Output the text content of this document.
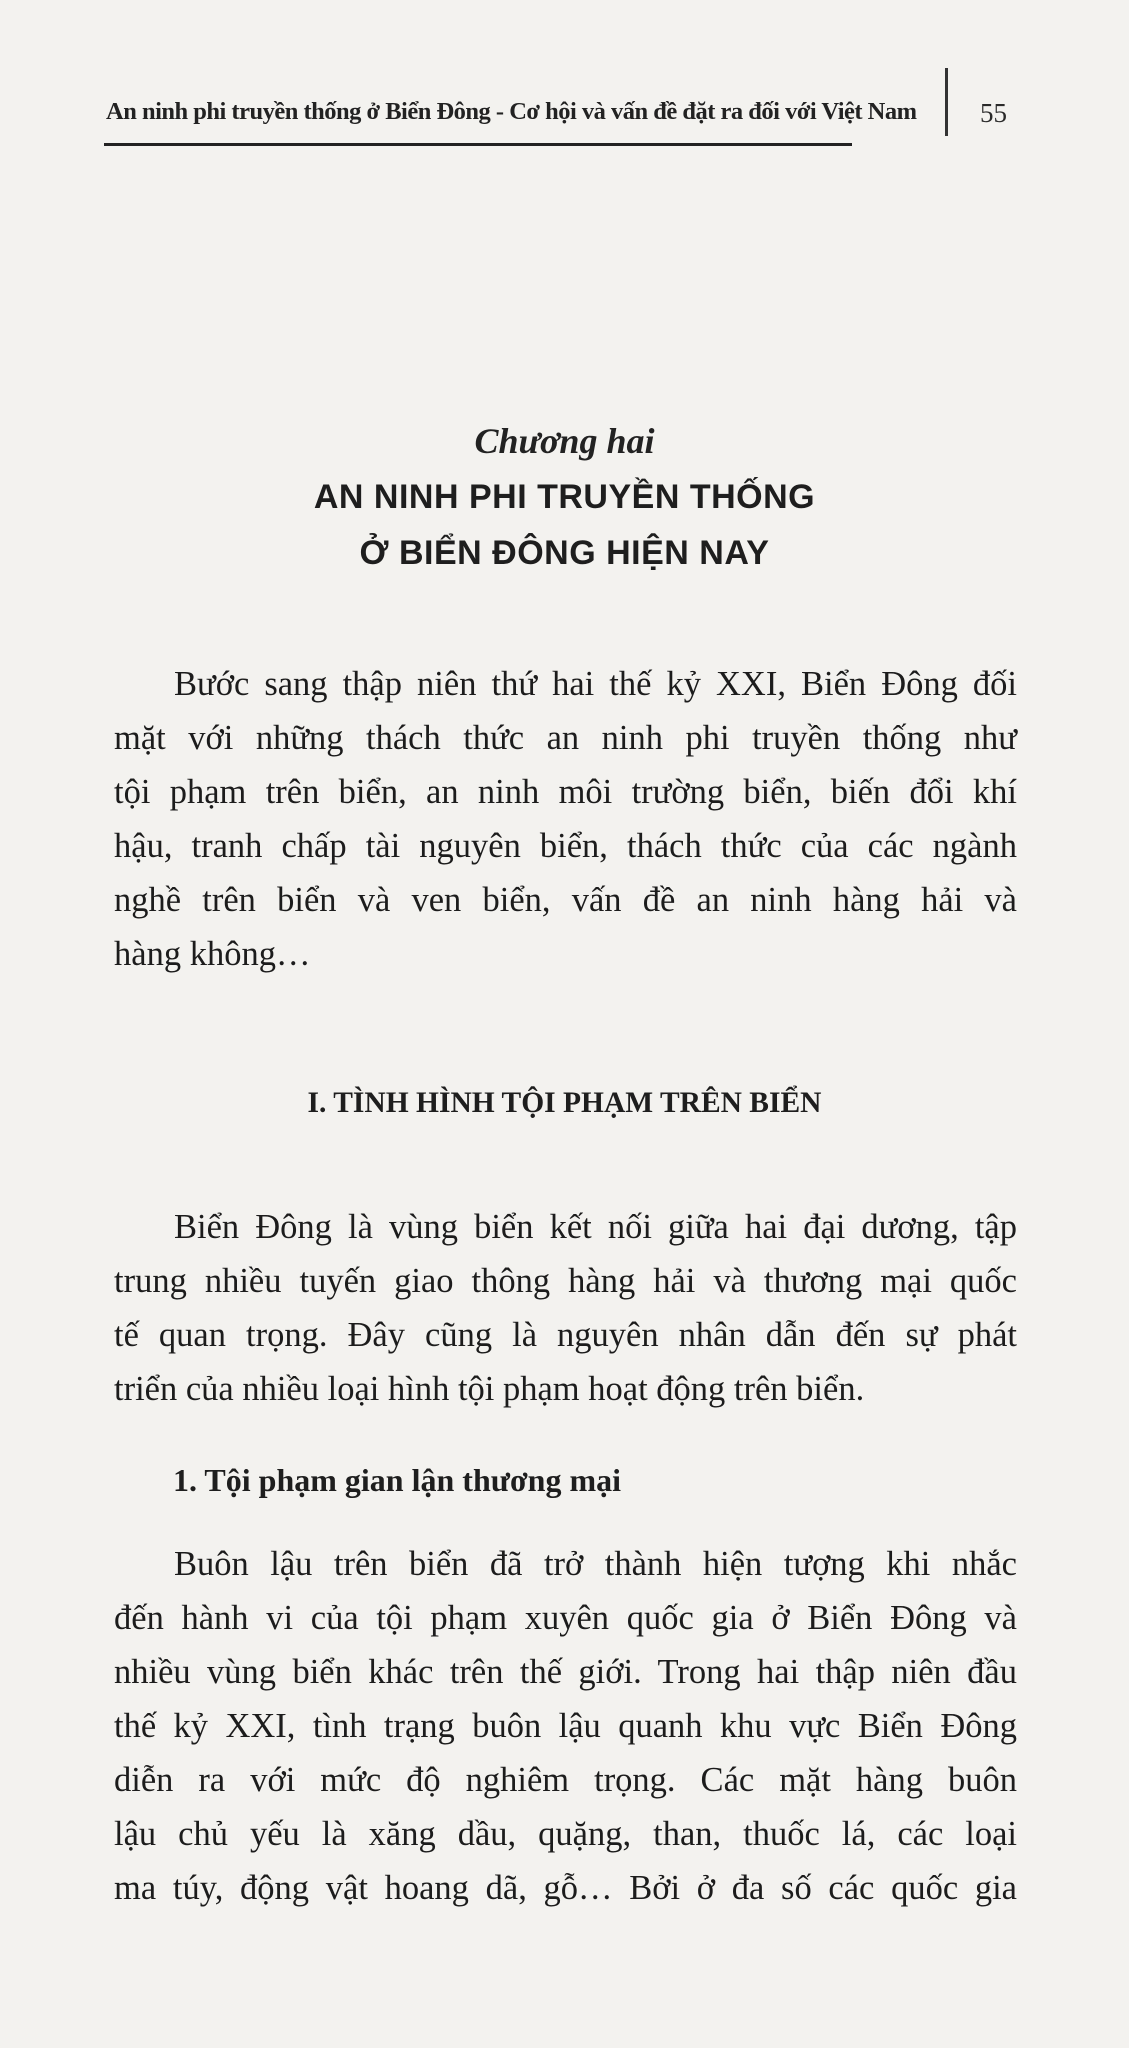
An ninh phi truyền thống ở Biển Đông - Cơ hội và vấn đề đặt ra đối với Việt Nam 55
Chương hai
AN NINH PHI TRUYỀN THỐNG
Ở BIỂN ĐÔNG HIỆN NAY
Bước sang thập niên thứ hai thế kỷ XXI, Biển Đông đối
mặt với những thách thức an ninh phi truyền thống như
tội phạm trên biển, an ninh môi trường biển, biến đổi khí
hậu, tranh chấp tài nguyên biển, thách thức của các ngành
nghề trên biển và ven biển, vấn đề an ninh hàng hải và
hàng không…
I. TÌNH HÌNH TỘI PHẠM TRÊN BIỂN
Biển Đông là vùng biển kết nối giữa hai đại dương, tập
trung nhiều tuyến giao thông hàng hải và thương mại quốc
tế quan trọng. Đây cũng là nguyên nhân dẫn đến sự phát
triển của nhiều loại hình tội phạm hoạt động trên biển.
1. Tội phạm gian lận thương mại
Buôn lậu trên biển đã trở thành hiện tượng khi nhắc
đến hành vi của tội phạm xuyên quốc gia ở Biển Đông và
nhiều vùng biển khác trên thế giới. Trong hai thập niên đầu
thế kỷ XXI, tình trạng buôn lậu quanh khu vực Biển Đông
diễn ra với mức độ nghiêm trọng. Các mặt hàng buôn
lậu chủ yếu là xăng dầu, quặng, than, thuốc lá, các loại
ma túy, động vật hoang dã, gỗ… Bởi ở đa số các quốc gia
